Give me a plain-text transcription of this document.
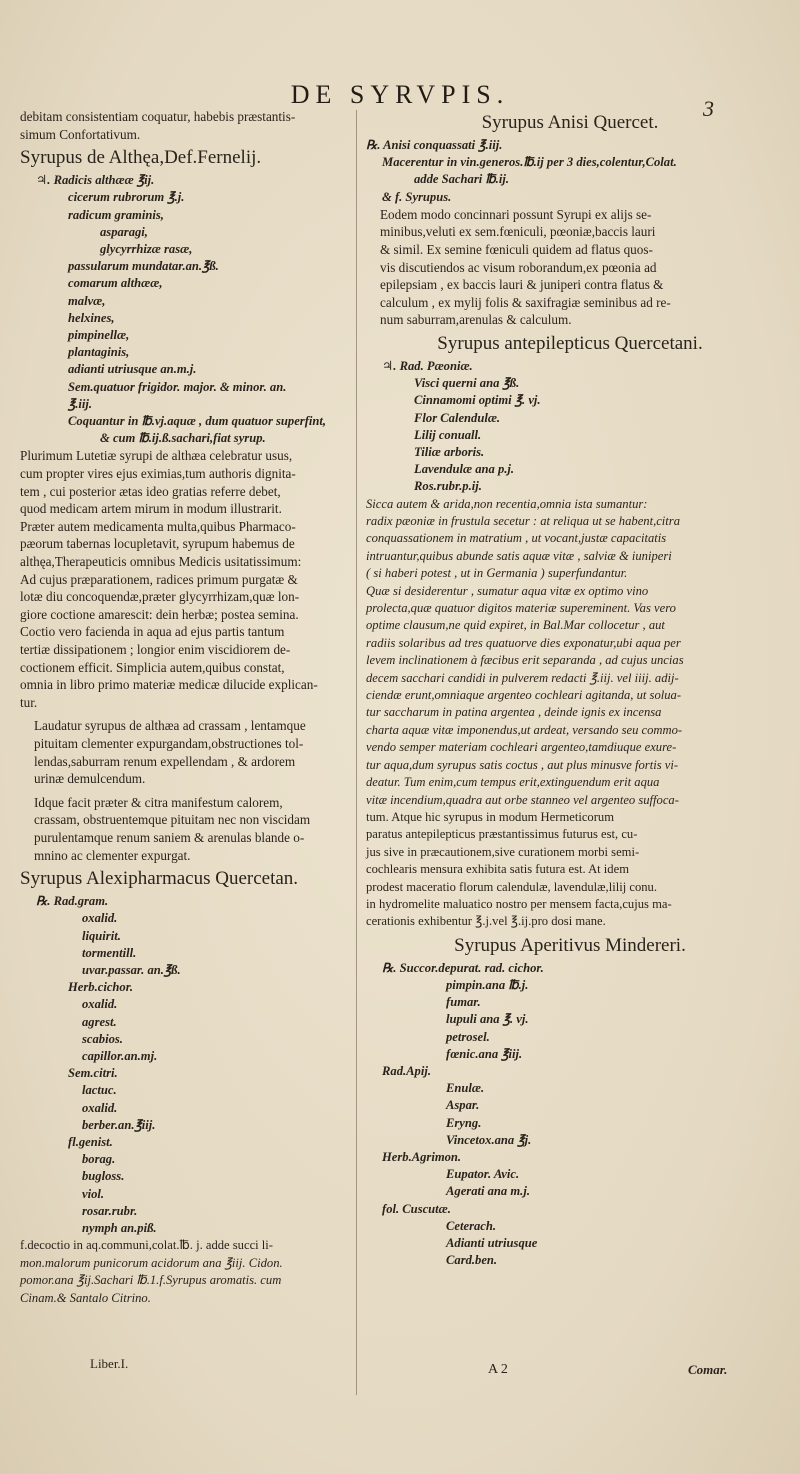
DE SYRVPIS.	3
debitam consistentiam coquatur, habebis præstantis-
simum Confortativum.
Syrupus de Althęa,Def.Fernelij.
♃. Radicis althææ ℥ij.
cicerum rubrorum ℥.j.
radicum graminis,
asparagi,
glycyrrhizæ rasæ,
passularum mundatar.an.℥ß.
comarum althææ,
malvæ,
helxines,
pimpinellæ,
plantaginis,
adianti utriusque an.m.j.
Sem.quatuor frigidor. major. & minor. an.
℥.iij.
Coquantur in ℔.vj.aquæ , dum quatuor superfint,
& cum ℔.ij.ß.sachari,fiat syrup.
Plurimum Lutetiæ syrupi de althæa celebratur usus,
cum propter vires ejus eximias,tum authoris dignita-
tem , cui posterior ætas ideo gratias referre debet,
quod medicam artem mirum in modum illustrarit.
Præter autem medicamenta multa,quibus Pharmaco-
pæorum tabernas locupletavit, syrupum habemus de
althęa,Therapeuticis omnibus Medicis usitatissimum:
Ad cujus præparationem, radices primum purgatæ &
lotæ diu concoquendæ,præter glycyrrhizam,quæ lon-
giore coctione amarescit: dein herbæ; postea semina.
Coctio vero facienda in aqua ad ejus partis tantum
tertiæ dissipationem ; longior enim viscidiorem de-
coctionem efficit. Simplicia autem,quibus constat,
omnia in libro primo materiæ medicæ dilucide explican-
tur.
Laudatur syrupus de althæa ad crassam , lentamque
pituitam clementer expurgandam,obstructiones tol-
lendas,saburram renum expellendam , & ardorem
urinæ demulcendum.
Idque facit præter & citra manifestum calorem,
crassam, obstruentemque pituitam nec non viscidam
purulentamque renum saniem & arenulas blande o-
mnino ac clementer expurgat.
Syrupus Alexipharmacus Quercetan.
℞. Rad.gram.
oxalid.
liquirit.
tormentill.
uvar.passar. an.℥ß.
Herb.cichor.
oxalid.
agrest.
scabios.
capillor.an.mj.
Sem.citri.
lactuc.
oxalid.
berber.an.℥iij.
fl.genist.
borag.
bugloss.
viol.
rosar.rubr.
nymph an.piß.
f.decoctio in aq.communi,colat.℔. j. adde succi li-
mon.malorum punicorum acidorum ana ℥iij. Cidon.
pomor.ana ℥ij.Sachari ℔.1.f.Syrupus aromatis. cum
Cinam.& Santalo Citrino.
Liber.I.
Syrupus Anisi Quercet.
℞. Anisi conquassati ℥.iij.
Macerentur in vin.generos.℔.ij per 3 dies,colentur,Colat.
adde Sachari ℔.ij.
& f. Syrupus.
Eodem modo concinnari possunt Syrupi ex alijs se-
minibus,veluti ex sem.fœniculi, pœoniæ,baccis lauri
& simil. Ex semine fœniculi quidem ad flatus quos-
vis discutiendos ac visum roborandum,ex pœonia ad
epilepsiam , ex baccis lauri & juniperi contra flatus &
calculum , ex mylij folis & saxifragiæ seminibus ad re-
num saburram,arenulas & calculum.
Syrupus antepilepticus Quercetani.
♃. Rad. Pæoniæ.
Visci querni ana ℥ß.
Cinnamomi optimi ℥. vj.
Flor Calendulæ.
Lilij conuall.
Tiliæ arboris.
Lavendulæ ana p.j.
Ros.rubr.p.ij.
Sicca autem & arida,non recentia,omnia ista sumantur:
radix pæoniæ in frustula secetur : at reliqua ut se habent,citra
conquassationem in matratium , ut vocant,justæ capacitatis
intruantur,quibus abunde satis aquæ vitæ , salviæ & iuniperi
( si haberi potest , ut in Germania ) superfundantur.
Quæ si desiderentur , sumatur aqua vitæ ex optimo vino
prolecta,quæ quatuor digitos materiæ supereminent. Vas vero
optime clausum,ne quid expiret, in Bal.Mar collocetur , aut
radiis solaribus ad tres quatuorve dies exponatur,ubi aqua per
levem inclinationem à fæcibus erit separanda , ad cujus uncias
decem sacchari candidi in pulverem redacti ℥.iij. vel iiij. adij-
ciendæ erunt,omniaque argenteo cochleari agitanda, ut solua-
tur saccharum in patina argentea , deinde ignis ex incensa
charta aquæ vitæ imponendus,ut ardeat, versando seu commo-
vendo semper materiam cochleari argenteo,tamdiuque exure-
tur aqua,dum syrupus satis coctus , aut plus minusve fortis vi-
deatur. Tum enim,cum tempus erit,extinguendum erit aqua
vitæ incendium,quadra aut orbe stanneo vel argenteo suffoca-
tum. Atque hic syrupus in modum Hermeticorum
paratus antepilepticus præstantissimus futurus est, cu-
jus sive in præcautionem,sive curationem morbi semi-
cochlearis mensura exhibita satis futura est. At idem
prodest maceratio florum calendulæ, lavendulæ,lilij conu.
in hydromelite maluatico nostro per mensem facta,cujus ma-
cerationis exhibentur ℥.j.vel ℥.ij.pro dosi mane.
Syrupus Aperitivus Mindereri.
℞. Succor.depurat. rad. cichor.
pimpin.ana ℔.j.
fumar.
lupuli ana ℥. vj.
petrosel.
fœnic.ana ℥iij.
Rad.Apij.
Enulæ.
Aspar.
Eryng.
Vincetox.ana ℥j.
Herb.Agrimon.
Eupator. Avic.
Agerati ana m.j.
fol. Cuscutæ.
Ceterach.
Adianti utriusque
Card.ben.
A 2	Comar.
